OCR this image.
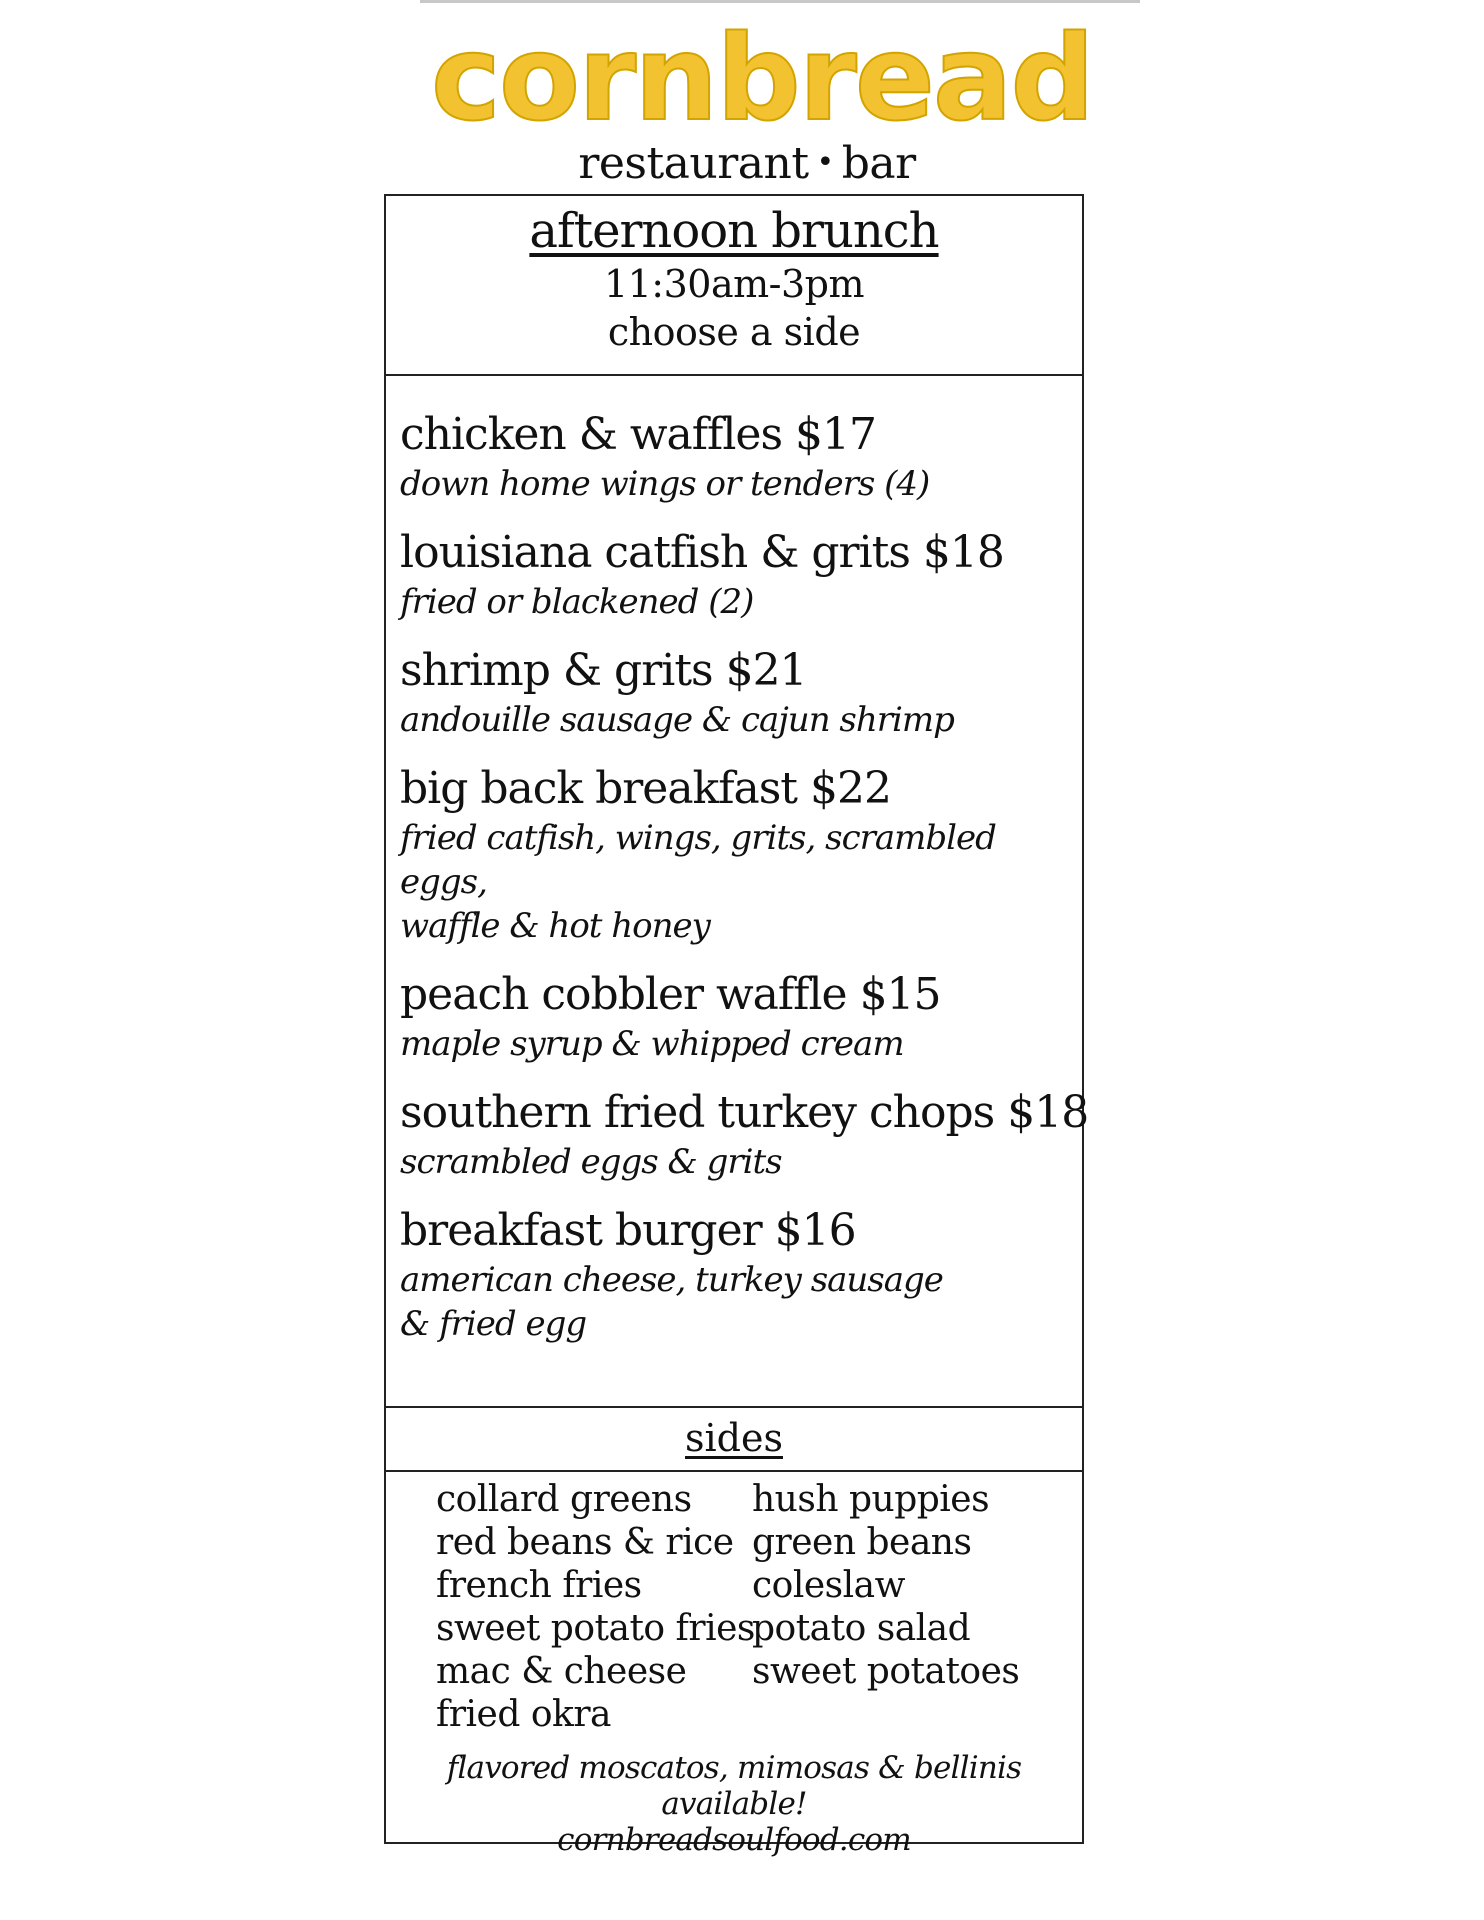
cornbread
restaurant • bar
afternoon brunch
11:30am-3pm
choose a side
chicken & waffles $17
down home wings or tenders (4)
louisiana catfish & grits $18
fried or blackened (2)
shrimp & grits $21
andouille sausage & cajun shrimp
big back breakfast $22
fried catfish, wings, grits, scrambled eggs,
waffle & hot honey
peach cobbler waffle $15
maple syrup & whipped cream
southern fried turkey chops $18
scrambled eggs & grits
breakfast burger $16
american cheese, turkey sausage
& fried egg
sides
collard greens
red beans & rice
french fries
sweet potato fries
mac & cheese
fried okra
hush puppies
green beans
coleslaw
potato salad
sweet potatoes
flavored moscatos, mimosas & bellinis available!
cornbreadsoulfood.com
